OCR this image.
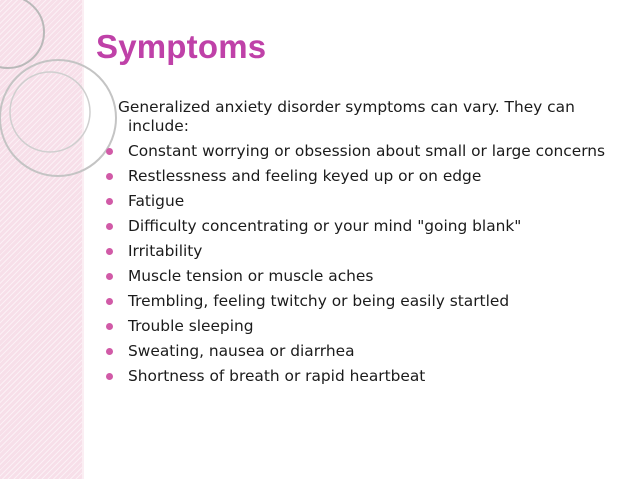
Symptoms

Generalized anxiety disorder symptoms can vary. They can include:

Constant worrying or obsession about small or large concerns
Restlessness and feeling keyed up or on edge
Fatigue
Difficulty concentrating or your mind "going blank"
Irritability
Muscle tension or muscle aches
Trembling, feeling twitchy or being easily startled
Trouble sleeping
Sweating, nausea or diarrhea
Shortness of breath or rapid heartbeat
